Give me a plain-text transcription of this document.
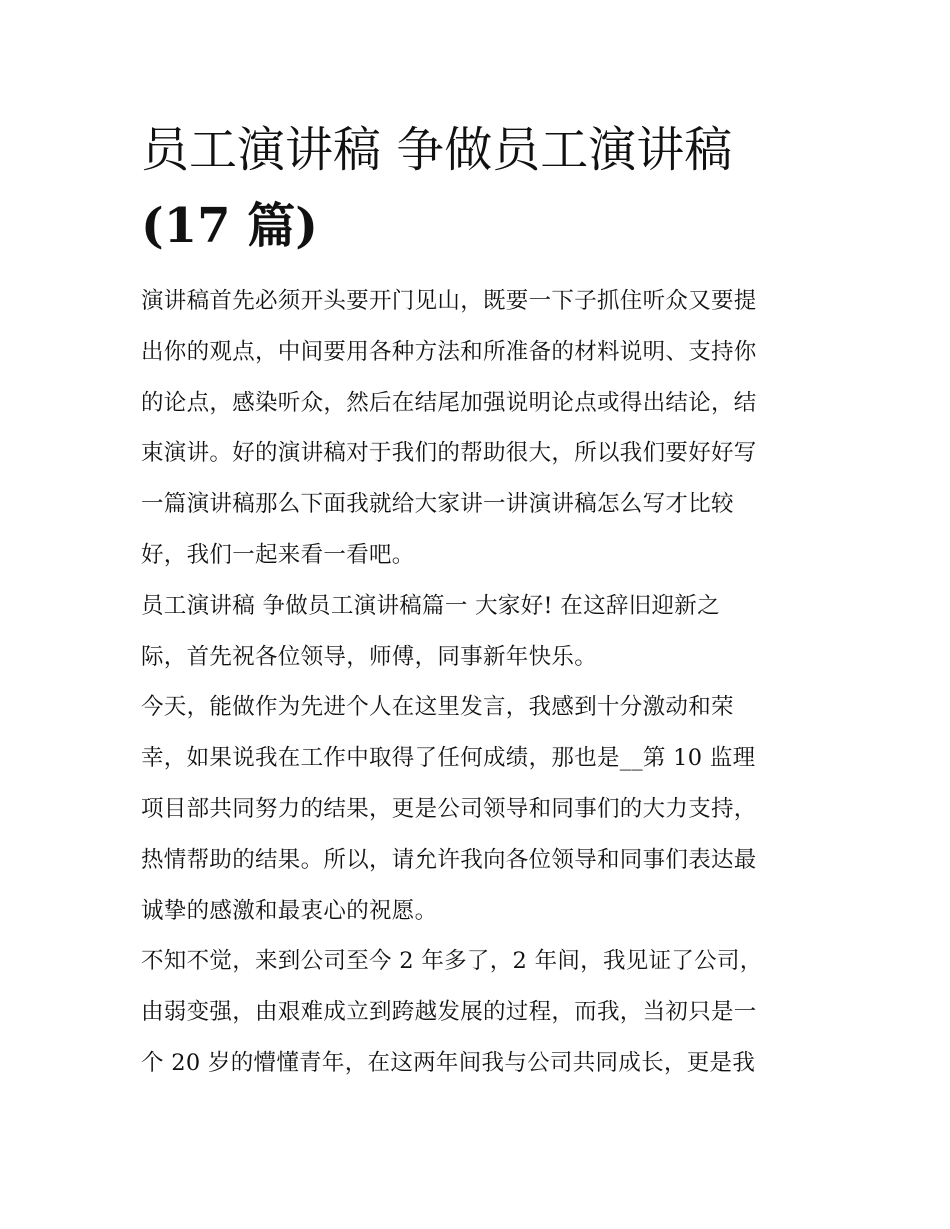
员工演讲稿 争做员工演讲稿
(17 篇)
演讲稿首先必须开头要开门见山，既要一下子抓住听众又要提
出你的观点，中间要用各种方法和所准备的材料说明、支持你
的论点，感染听众，然后在结尾加强说明论点或得出结论，结
束演讲。好的演讲稿对于我们的帮助很大，所以我们要好好写
一篇演讲稿那么下面我就给大家讲一讲演讲稿怎么写才比较
好，我们一起来看一看吧。
员工演讲稿 争做员工演讲稿篇一 大家好! 在这辞旧迎新之
际，首先祝各位领导，师傅，同事新年快乐。
今天，能做作为先进个人在这里发言，我感到十分激动和荣
幸，如果说我在工作中取得了任何成绩，那也是__第 10 监理
项目部共同努力的结果，更是公司领导和同事们的大力支持，
热情帮助的结果。所以，请允许我向各位领导和同事们表达最
诚挚的感激和最衷心的祝愿。
不知不觉，来到公司至今 2 年多了，2 年间，我见证了公司，
由弱变强，由艰难成立到跨越发展的过程，而我，当初只是一
个 20 岁的懵懂青年，在这两年间我与公司共同成长，更是我
